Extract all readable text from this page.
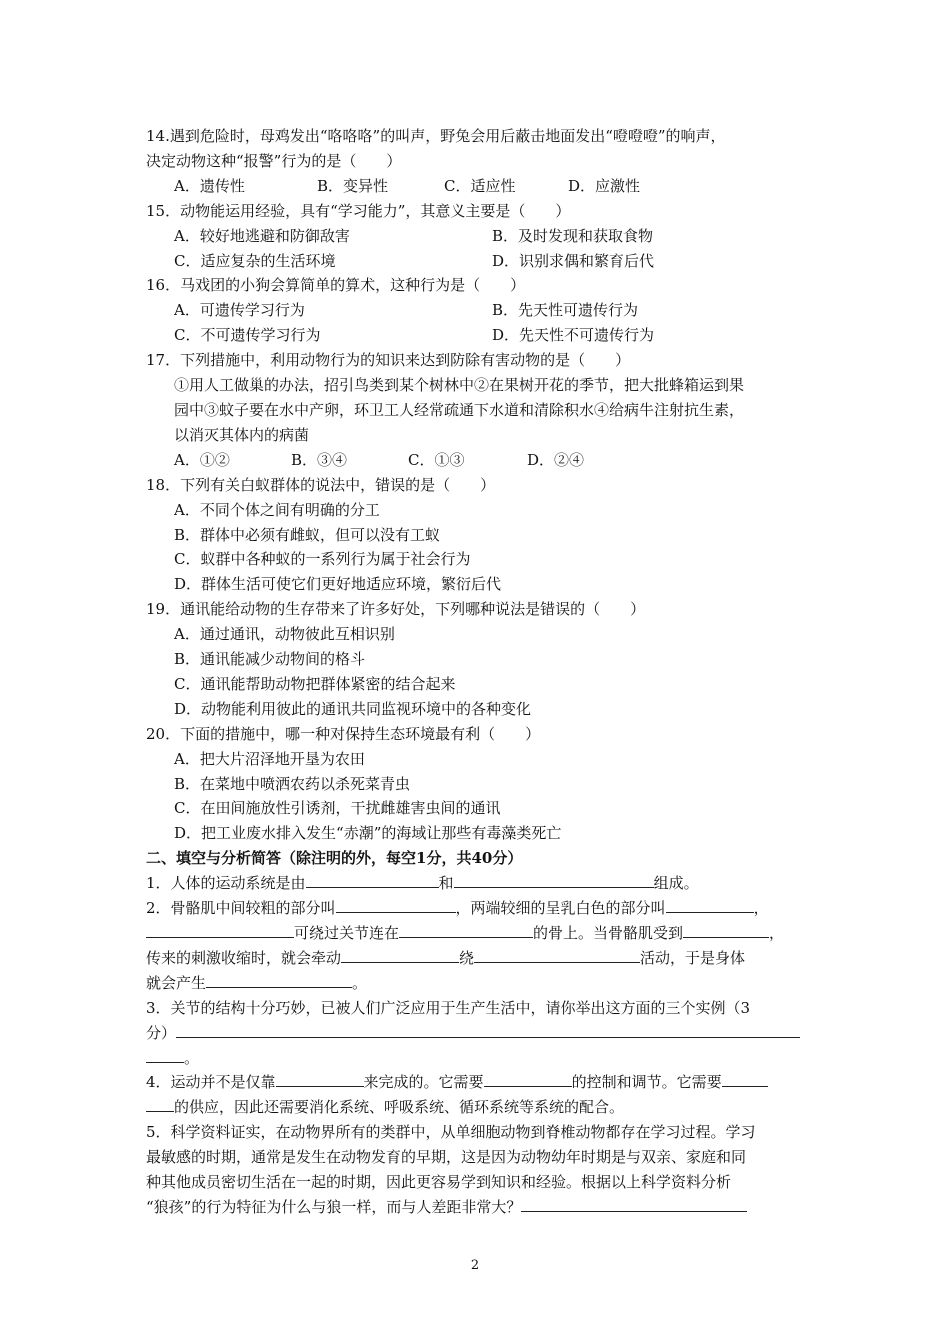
14.遇到危险时，母鸡发出“咯咯咯”的叫声，野兔会用后蔽击地面发出“噔噔噔”的响声，
决定动物这种“报警”行为的是（　　）
A．遗传性	B．变异性	C．适应性	D．应激性
15．动物能运用经验，具有“学习能力”，其意义主要是（　　）
A．较好地逃避和防御敌害	B．及时发现和获取食物
C．适应复杂的生活环境	D．识别求偶和繁育后代
16．马戏团的小狗会算简单的算术，这种行为是（　　）
A．可遗传学习行为	B．先天性可遗传行为
C．不可遗传学习行为	D．先天性不可遗传行为
17．下列措施中，利用动物行为的知识来达到防除有害动物的是（　　）
①用人工做巢的办法，招引鸟类到某个树林中②在果树开花的季节，把大批蜂箱运到果
园中③蚊子要在水中产卵，环卫工人经常疏通下水道和清除积水④给病牛注射抗生素，
以消灭其体内的病菌
A．①②	B．③④	C．①③	D．②④
18．下列有关白蚁群体的说法中，错误的是（　　）
A．不同个体之间有明确的分工
B．群体中必须有雌蚁，但可以没有工蚁
C．蚁群中各种蚁的一系列行为属于社会行为
D．群体生活可使它们更好地适应环境，繁衍后代
19．通讯能给动物的生存带来了许多好处，下列哪种说法是错误的（　　）
A．通过通讯，动物彼此互相识别
B．通讯能减少动物间的格斗
C．通讯能帮助动物把群体紧密的结合起来
D．动物能利用彼此的通讯共同监视环境中的各种变化
20．下面的措施中，哪一种对保持生态环境最有利（　　）
A．把大片沼泽地开垦为农田
B．在菜地中喷洒农药以杀死菜青虫
C．在田间施放性引诱剂，干扰雌雄害虫间的通讯
D．把工业废水排入发生“赤潮”的海域让那些有毒藻类死亡
二、填空与分析简答（除注明的外，每空1分，共40分）
1．人体的运动系统是由	和	组成。
2．骨骼肌中间较粗的部分叫	，两端较细的呈乳白色的部分叫	，
可绕过关节连在	的骨上。当骨骼肌受到	，
传来的刺激收缩时，就会牵动	绕	活动，于是身体
就会产生	。
3．关节的结构十分巧妙，已被人们广泛应用于生产生活中，请你举出这方面的三个实例（3
分）
。
4．运动并不是仅靠	来完成的。它需要	的控制和调节。它需要
的供应，因此还需要消化系统、呼吸系统、循环系统等系统的配合。
5．科学资料证实，在动物界所有的类群中，从单细胞动物到脊椎动物都存在学习过程。学习
最敏感的时期，通常是发生在动物发育的早期，这是因为动物幼年时期是与双亲、家庭和同
种其他成员密切生活在一起的时期，因此更容易学到知识和经验。根据以上科学资料分析
“狼孩”的行为特征为什么与狼一样，而与人差距非常大？
2
